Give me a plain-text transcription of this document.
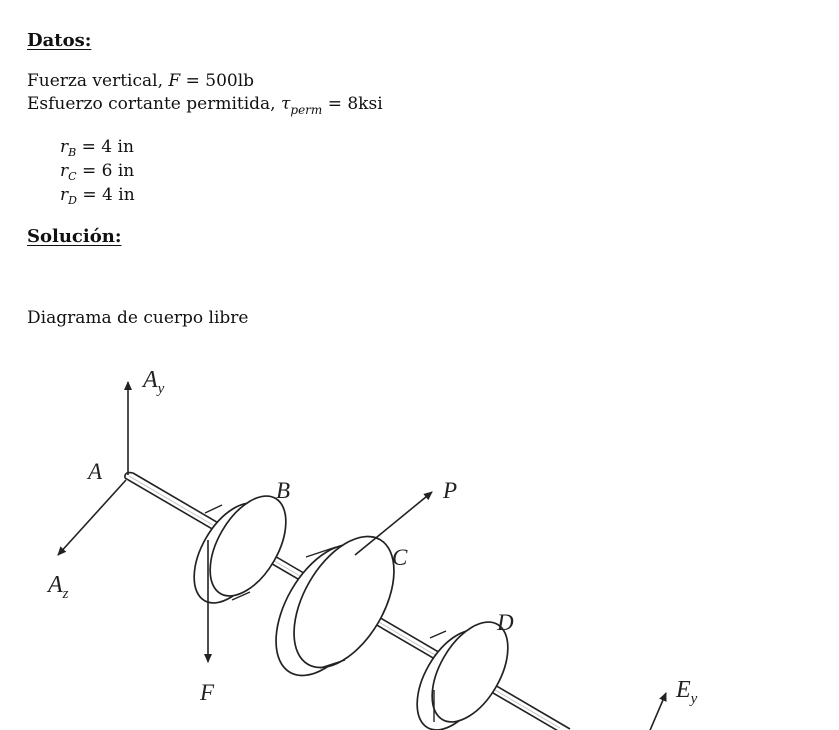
Datos:
Fuerza vertical, F = 500lb
Esfuerzo cortante permitida, $\tau_{perm} = 8ksi$
$r_B = 4$ in
$r_C = 6$ in
$r_D = 4$ in
Solución:
Diagrama de cuerpo libre
$A_y$
A
$A_z$
B
F
C
P
D
$E_y$
